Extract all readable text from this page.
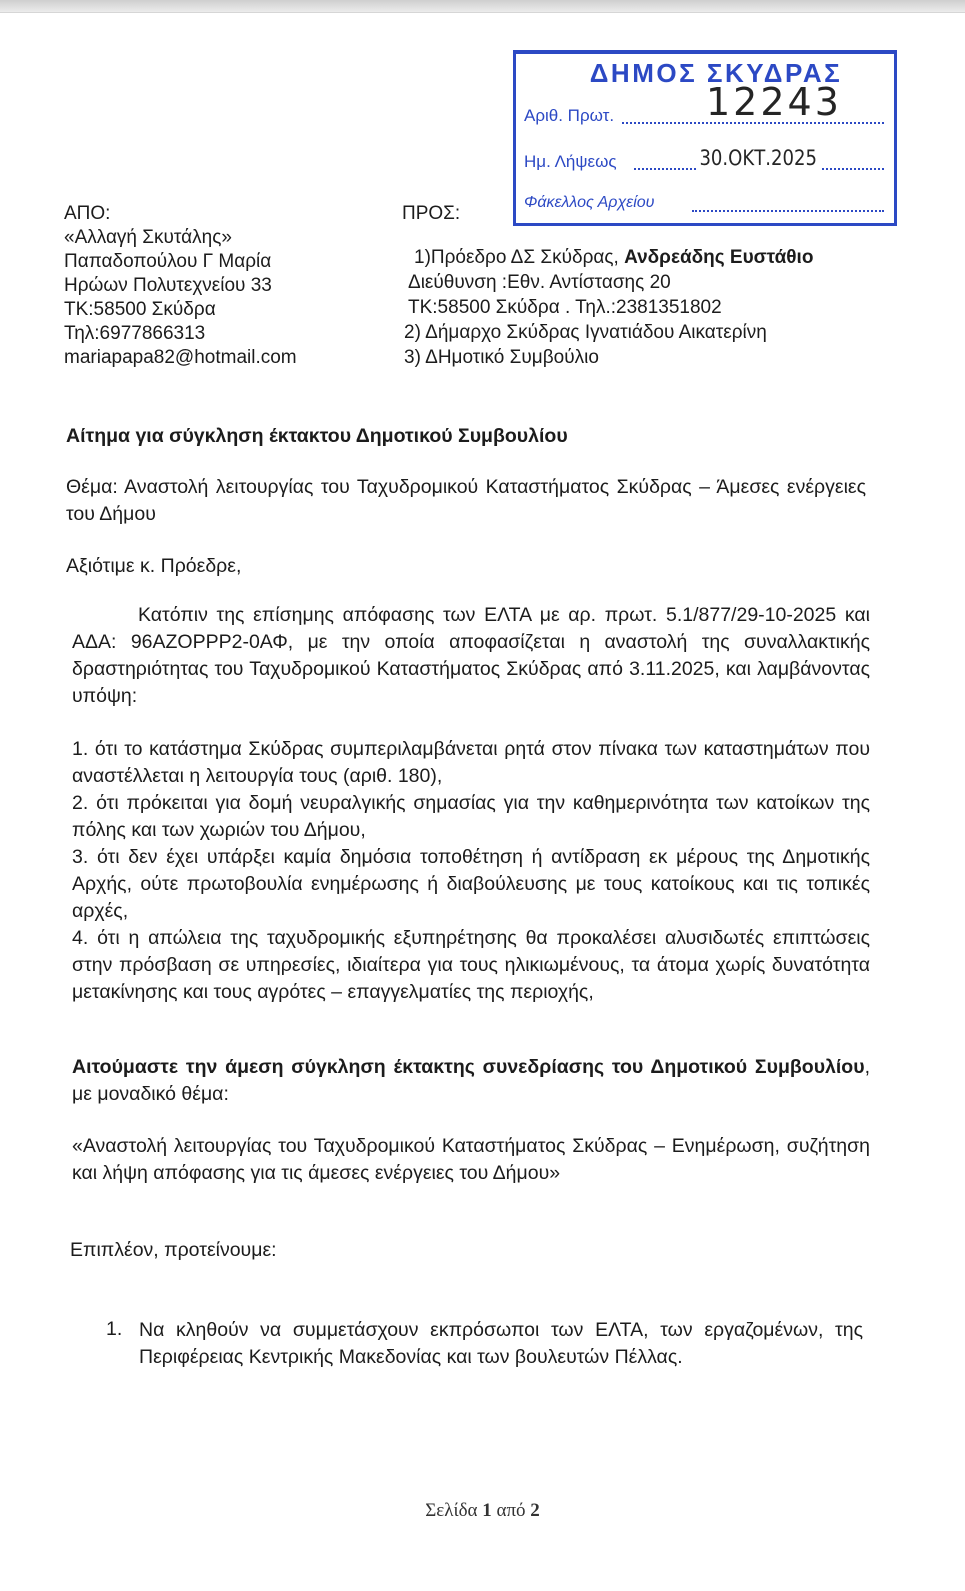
ΔΗΜΟΣ ΣΚΥΔΡΑΣ
Αριθ. Πρωτ. 12243
Ημ. Λήψεως	30.ΟΚΤ.2025
Φάκελλος Αρχείου
ΑΠΟ:
«Αλλαγή Σκυτάλης»
Παπαδοπούλου Γ Μαρία
Ηρώων Πολυτεχνείου 33
ΤΚ:58500 Σκύδρα
Τηλ:6977866313
mariapapa82@hotmail.com
ΠΡΟΣ:
1)Πρόεδρο ΔΣ Σκύδρας, Ανδρεάδης Ευστάθιο
Διεύθυνση :Εθν. Αντίστασης 20
ΤΚ:58500 Σκύδρα . Τηλ.:2381351802
2) Δήμαρχο Σκύδρας Ιγνατιάδου Αικατερίνη
3) ΔΗμοτικό Συμβούλιο
Αίτημα για σύγκληση έκτακτου Δημοτικού Συμβουλίου
Θέμα: Αναστολή λειτουργίας του Ταχυδρομικού Καταστήματος Σκύδρας – Άμεσες ενέργειες του Δήμου
Αξιότιμε κ. Πρόεδρε,
Κατόπιν της επίσημης απόφασης των ΕΛΤΑ με αρ. πρωτ. 5.1/877/29-10-2025 και ΑΔΑ: 96ΑΖΟΡΡΡ2-0ΑΦ, με την οποία αποφασίζεται η αναστολή της συναλλακτικής δραστηριότητας του Ταχυδρομικού Καταστήματος Σκύδρας από 3.11.2025, και λαμβάνοντας υπόψη:
1. ότι το κατάστημα Σκύδρας συμπεριλαμβάνεται ρητά στον πίνακα των καταστημάτων που αναστέλλεται η λειτουργία τους (αριθ. 180),
2. ότι πρόκειται για δομή νευραλγικής σημασίας για την καθημερινότητα των κατοίκων της πόλης και των χωριών του Δήμου,
3. ότι δεν έχει υπάρξει καμία δημόσια τοποθέτηση ή αντίδραση εκ μέρους της Δημοτικής Αρχής, ούτε πρωτοβουλία ενημέρωσης ή διαβούλευσης με τους κατοίκους και τις τοπικές αρχές,
4. ότι η απώλεια της ταχυδρομικής εξυπηρέτησης θα προκαλέσει αλυσιδωτές επιπτώσεις στην πρόσβαση σε υπηρεσίες, ιδιαίτερα για τους ηλικιωμένους, τα άτομα χωρίς δυνατότητα μετακίνησης και τους αγρότες – επαγγελματίες της περιοχής,
Αιτούμαστε την άμεση σύγκληση έκτακτης συνεδρίασης του Δημοτικού Συμβουλίου, με μοναδικό θέμα:
«Αναστολή λειτουργίας του Ταχυδρομικού Καταστήματος Σκύδρας – Ενημέρωση, συζήτηση και λήψη απόφασης για τις άμεσες ενέργειες του Δήμου»
Επιπλέον, προτείνουμε:
1. Να κληθούν να συμμετάσχουν εκπρόσωποι των ΕΛΤΑ, των εργαζομένων, της Περιφέρειας Κεντρικής Μακεδονίας και των βουλευτών Πέλλας.
Σελίδα 1 από 2
